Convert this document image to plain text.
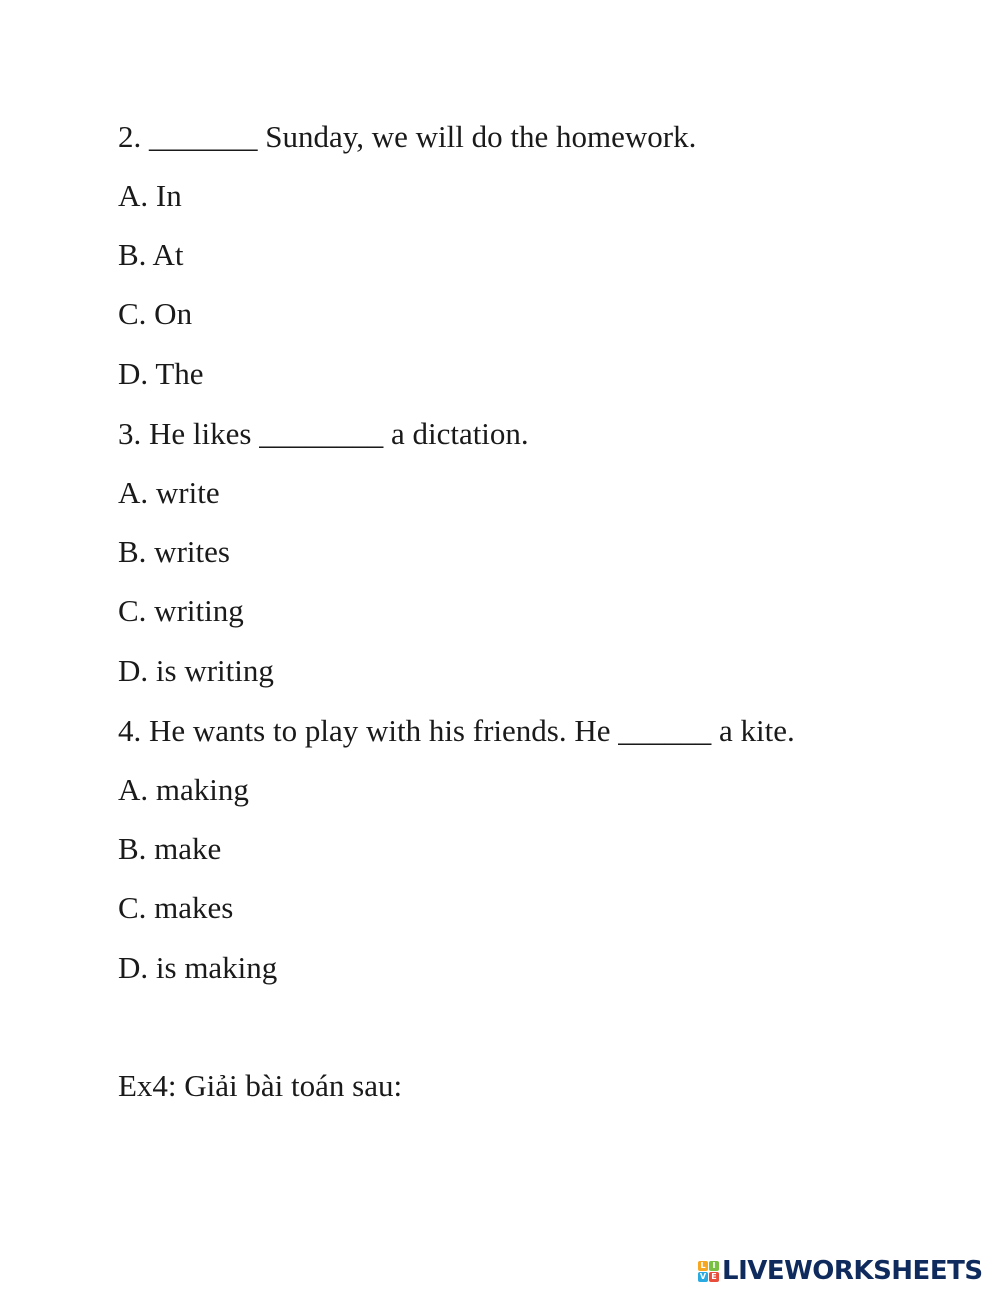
2. _______ Sunday, we will do the homework.
A. In
B. At
C. On
D. The
3. He likes ________ a dictation.
A. write
B. writes
C. writing
D. is writing
4. He wants to play with his friends. He ______ a kite.
A. making
B. make
C. makes
D. is making
Ex4: Giải bài toán sau:
L I
V E LIVEWORKSHEETS
